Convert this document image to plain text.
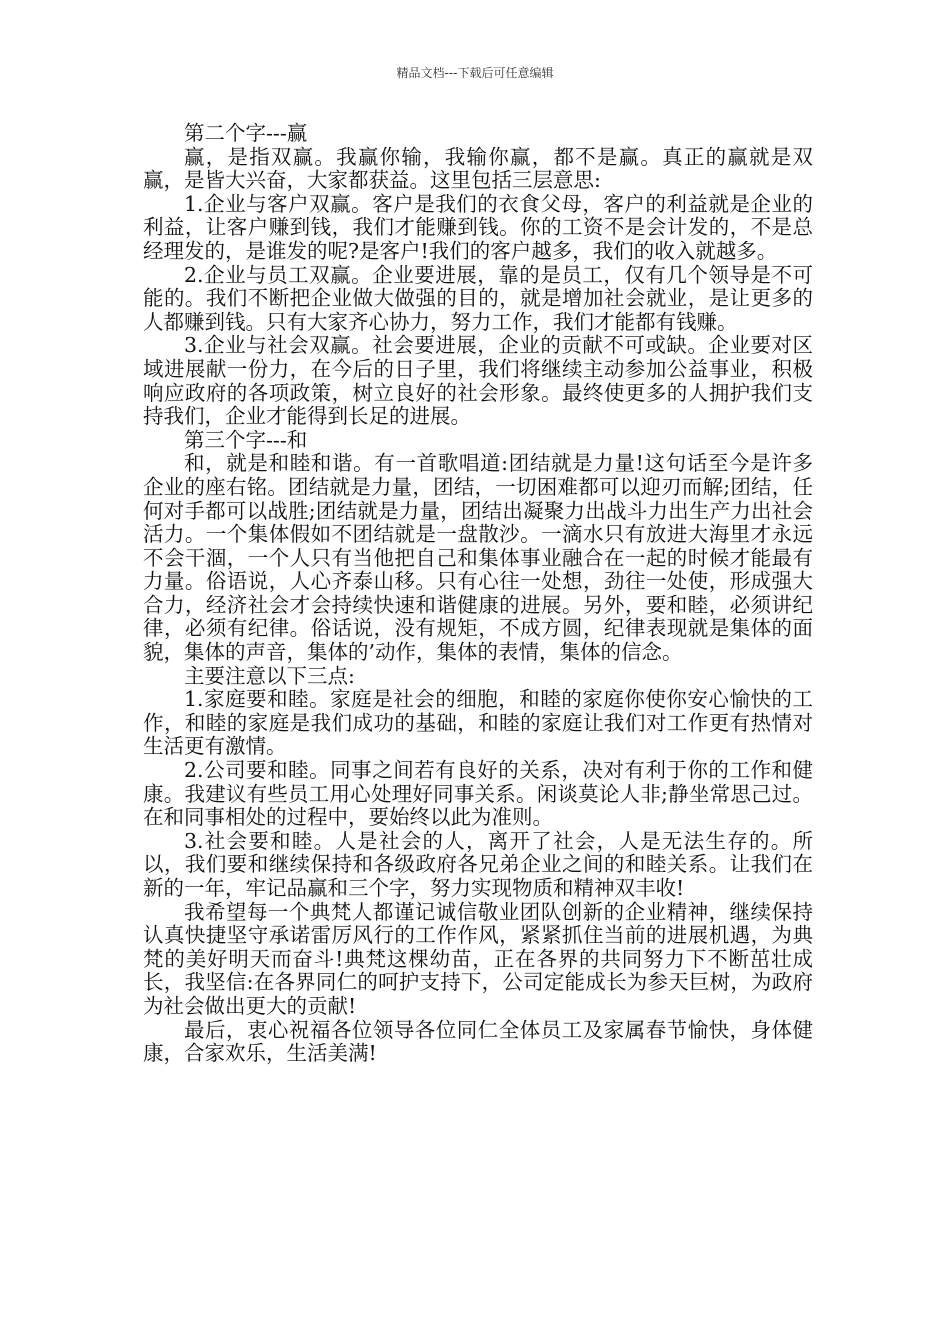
精品文档---下载后可任意编辑

第二个字---赢

赢，是指双赢。我赢你输，我输你赢，都不是赢。真正的赢就是双赢，是皆大兴奋，大家都获益。这里包括三层意思:

1.企业与客户双赢。客户是我们的衣食父母，客户的利益就是企业的利益，让客户赚到钱，我们才能赚到钱。你的工资不是会计发的，不是总经理发的，是谁发的呢?是客户!我们的客户越多，我们的收入就越多。

2.企业与员工双赢。企业要进展，靠的是员工，仅有几个领导是不可能的。我们不断把企业做大做强的目的，就是增加社会就业，是让更多的人都赚到钱。只有大家齐心协力，努力工作，我们才能都有钱赚。

3.企业与社会双赢。社会要进展，企业的贡献不可或缺。企业要对区域进展献一份力，在今后的日子里，我们将继续主动参加公益事业，积极响应政府的各项政策，树立良好的社会形象。最终使更多的人拥护我们支持我们，企业才能得到长足的进展。

第三个字---和

和，就是和睦和谐。有一首歌唱道:团结就是力量!这句话至今是许多企业的座右铭。团结就是力量，团结，一切困难都可以迎刃而解;团结，任何对手都可以战胜;团结就是力量，团结出凝聚力出战斗力出生产力出社会活力。一个集体假如不团结就是一盘散沙。一滴水只有放进大海里才永远不会干涸，一个人只有当他把自己和集体事业融合在一起的时候才能最有力量。俗语说，人心齐泰山移。只有心往一处想，劲往一处使，形成强大合力，经济社会才会持续快速和谐健康的进展。另外，要和睦，必须讲纪律，必须有纪律。俗话说，没有规矩，不成方圆，纪律表现就是集体的面貌，集体的声音，集体的’动作，集体的表情，集体的信念。

主要注意以下三点:

1.家庭要和睦。家庭是社会的细胞，和睦的家庭你使你安心愉快的工作，和睦的家庭是我们成功的基础，和睦的家庭让我们对工作更有热情对生活更有激情。

2.公司要和睦。同事之间若有良好的关系，决对有利于你的工作和健康。我建议有些员工用心处理好同事关系。闲谈莫论人非;静坐常思己过。在和同事相处的过程中，要始终以此为准则。

3.社会要和睦。人是社会的人，离开了社会，人是无法生存的。所以，我们要和继续保持和各级政府各兄弟企业之间的和睦关系。让我们在新的一年，牢记品赢和三个字，努力实现物质和精神双丰收!

我希望每一个典梵人都谨记诚信敬业团队创新的企业精神，继续保持认真快捷坚守承诺雷厉风行的工作作风，紧紧抓住当前的进展机遇，为典梵的美好明天而奋斗!典梵这棵幼苗，正在各界的共同努力下不断茁壮成长，我坚信:在各界同仁的呵护支持下，公司定能成长为参天巨树，为政府为社会做出更大的贡献!

最后，衷心祝福各位领导各位同仁全体员工及家属春节愉快，身体健康，合家欢乐，生活美满!
